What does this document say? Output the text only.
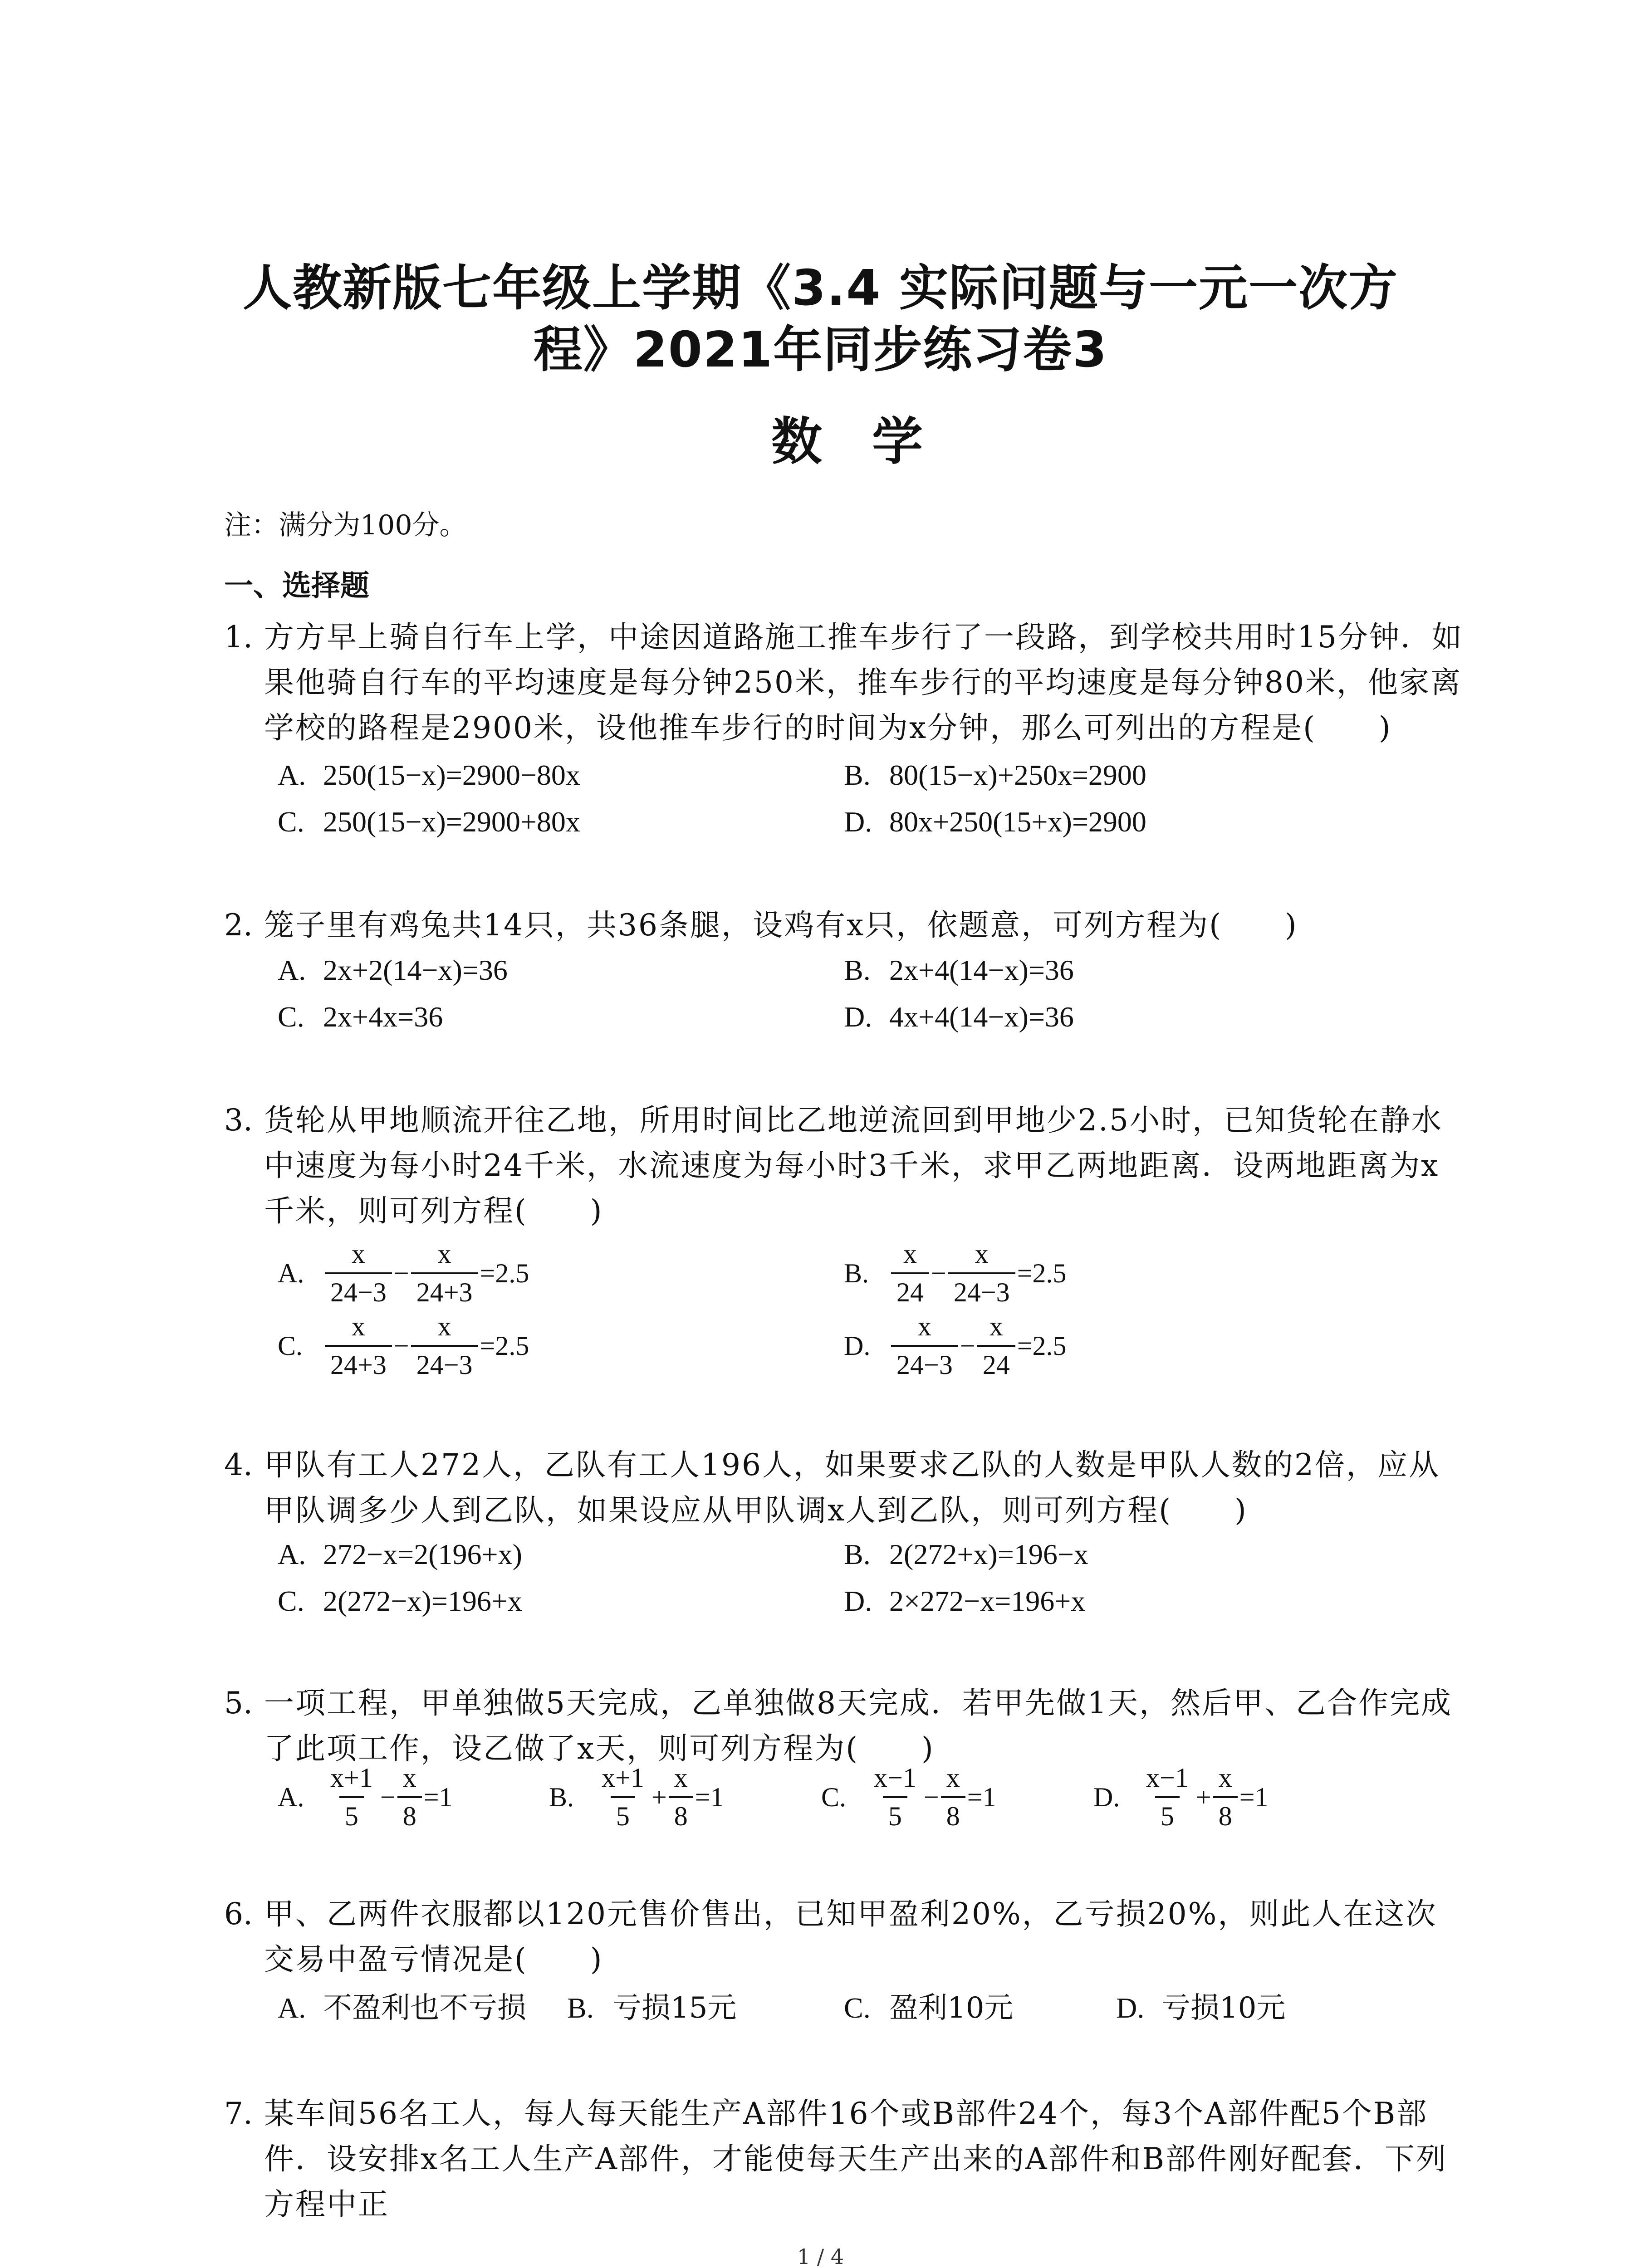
人教新版七年级上学期《3.4 实际问题与一元一次方
程》2021年同步练习卷3
数学
注：满分为100分。
一、选择题
1. 方方早上骑自行车上学，中途因道路施工推车步行了一段路，到学校共用时15分钟．如果他骑自行车的平均速度是每分钟250米，推车步行的平均速度是每分钟80米，他家离学校的路程是2900米，设他推车步行的时间为x分钟，那么可列出的方程是(　　)
A. 250(15−x)=2900−80x	B. 80(15−x)+250x=2900
C. 250(15−x)=2900+80x	D. 80x+250(15+x)=2900
2. 笼子里有鸡兔共14只，共36条腿，设鸡有x只，依题意，可列方程为(　　)
A. 2x+2(14−x)=36	B. 2x+4(14−x)=36
C. 2x+4x=36	D. 4x+4(14−x)=36
3. 货轮从甲地顺流开往乙地，所用时间比乙地逆流回到甲地少2.5小时，已知货轮在静水中速度为每小时24千米，水流速度为每小时3千米，求甲乙两地距离．设两地距离为x千米，则可列方程(　　)
A. $\frac{x}{24-3} - \frac{x}{24+3} =2.5$	B. $\frac{x}{24} - \frac{x}{24-3} =2.5$
C. $\frac{x}{24+3} - \frac{x}{24-3} =2.5$	D. $\frac{x}{24-3} - \frac{x}{24} =2.5$
4. 甲队有工人272人，乙队有工人196人，如果要求乙队的人数是甲队人数的2倍，应从甲队调多少人到乙队，如果设应从甲队调x人到乙队，则可列方程(　　)
A. 272−x=2(196+x)	B. 2(272+x)=196−x
C. 2(272−x)=196+x	D. 2×272−x=196+x
5. 一项工程，甲单独做5天完成，乙单独做8天完成．若甲先做1天，然后甲、乙合作完成了此项工作，设乙做了x天，则可列方程为(　　)
A. $\frac{x+1}{5} - \frac{x}{8} =1$	B. $\frac{x+1}{5} + \frac{x}{8} =1$	C. $\frac{x-1}{5} - \frac{x}{8} =1$	D. $\frac{x-1}{5} + \frac{x}{8} =1$
6. 甲、乙两件衣服都以120元售价售出，已知甲盈利20%，乙亏损20%，则此人在这次交易中盈亏情况是(　　)
A. 不盈利也不亏损 B. 亏损15元	C. 盈利10元	D. 亏损10元
7. 某车间56名工人，每人每天能生产A部件16个或B部件24个，每3个A部件配5个B部件．设安排x名工人生产A部件，才能使每天生产出来的A部件和B部件刚好配套．下列方程中正
1 / 4
